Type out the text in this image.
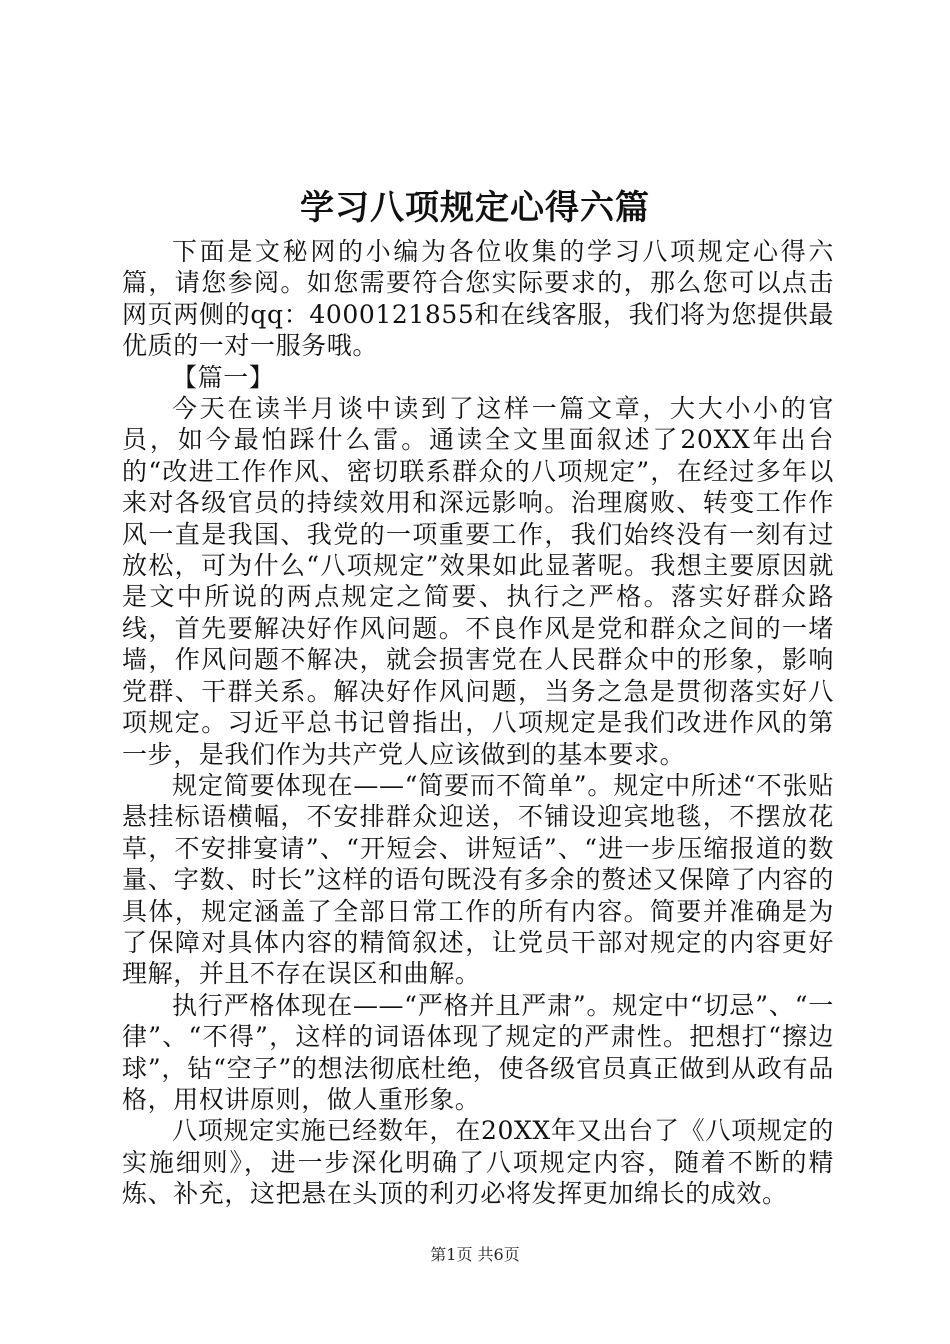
学习八项规定心得六篇

下面是文秘网的小编为各位收集的学习八项规定心得六篇，请您参阅。如您需要符合您实际要求的，那么您可以点击网页两侧的qq：4000121855和在线客服，我们将为您提供最优质的一对一服务哦。

【篇一】

今天在读半月谈中读到了这样一篇文章，大大小小的官员，如今最怕踩什么雷。通读全文里面叙述了20XX年出台的“改进工作作风、密切联系群众的八项规定”，在经过多年以来对各级官员的持续效用和深远影响。治理腐败、转变工作作风一直是我国、我党的一项重要工作，我们始终没有一刻有过放松，可为什么“八项规定”效果如此显著呢。我想主要原因就是文中所说的两点规定之简要、执行之严格。落实好群众路线，首先要解决好作风问题。不良作风是党和群众之间的一堵墙，作风问题不解决，就会损害党在人民群众中的形象，影响党群、干群关系。解决好作风问题，当务之急是贯彻落实好八项规定。习近平总书记曾指出，八项规定是我们改进作风的第一步，是我们作为共产党人应该做到的基本要求。

规定简要体现在——“简要而不简单”。规定中所述“不张贴悬挂标语横幅，不安排群众迎送，不铺设迎宾地毯，不摆放花草，不安排宴请”、“开短会、讲短话”、“进一步压缩报道的数量、字数、时长”这样的语句既没有多余的赘述又保障了内容的具体，规定涵盖了全部日常工作的所有内容。简要并准确是为了保障对具体内容的精简叙述，让党员干部对规定的内容更好理解，并且不存在误区和曲解。

执行严格体现在——“严格并且严肃”。规定中“切忌”、“一律”、“不得”，这样的词语体现了规定的严肃性。把想打“擦边球”，钻“空子”的想法彻底杜绝，使各级官员真正做到从政有品格，用权讲原则，做人重形象。

八项规定实施已经数年，在20XX年又出台了《八项规定的实施细则》，进一步深化明确了八项规定内容，随着不断的精炼、补充，这把悬在头顶的利刃必将发挥更加绵长的成效。

第1页 共6页
